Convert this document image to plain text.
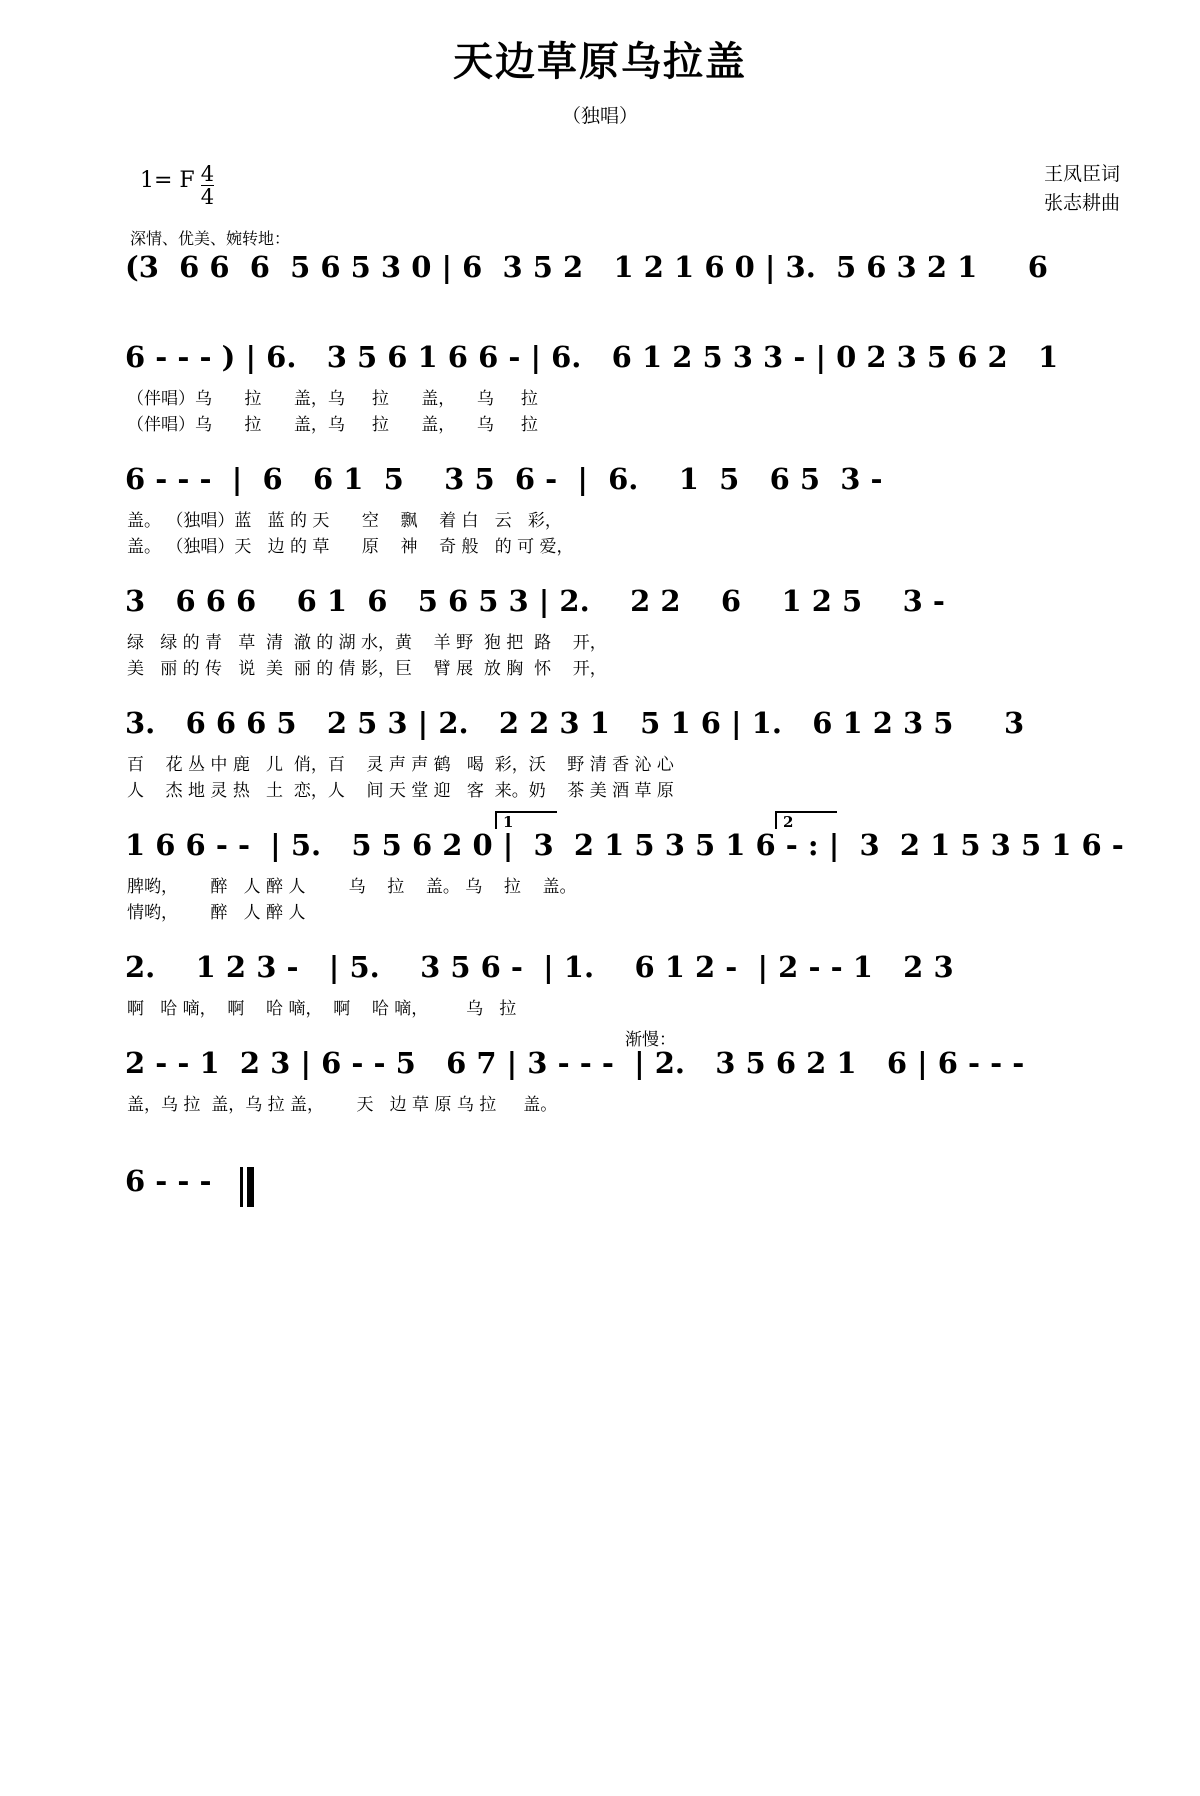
天边草原乌拉盖
（独唱）
1= F $\frac{4}{4}$	王凤臣词
张志耕曲
深情、优美、婉转地：
(3  6 6  6  5 6 5 3 0 | 6  3 5 2   1 2 1 6 0 | 3.  5 6 3 2 1     6
6 - - - ) | 6.   3 5 6 1 6 6 - | 6.   6 1 2 5 3 3 - | 0 2 3 5 6 2   1
（伴唱）乌      拉      盖，乌     拉      盖，    乌     拉
（伴唱）乌      拉      盖，乌     拉      盖，    乌     拉
6 - - -  |  6   6 1  5    3 5  6 -  |  6.    1  5   6 5  3 -
盖。 （独唱）蓝   蓝 的 天      空    飘    着 白   云   彩，
盖。 （独唱）天   边 的 草      原    神    奇 般   的 可 爱，
3   6 6 6    6 1  6   5 6 5 3 | 2.    2 2    6    1 2 5    3 -
绿   绿 的 青   草  清  澈 的 湖 水，黄    羊 野  狍 把  路    开，
美   丽 的 传   说  美  丽 的 倩 影，巨    臂 展  放 胸  怀    开，
3.   6 6 6 5   2 5 3 | 2.   2 2 3 1   5 1 6 | 1.   6 1 2 3 5     3
百    花 丛 中 鹿   儿  俏，百    灵 声 声 鹤   喝  彩，沃    野 清 香 沁 心
人    杰 地 灵 热   土  恋，人    间 天 堂 迎   客  来。奶    茶 美 酒 草 原
1	2
1 6 6 - -  | 5.   5 5 6 2 0 |  3  2 1 5 3 5 1 6 - : |  3  2 1 5 3 5 1 6 -
脾哟，      醉   人 醉 人        乌    拉    盖。 乌    拉    盖。
情哟，      醉   人 醉 人
2.    1 2 3 -   | 5.    3 5 6 -  | 1.    6 1 2 -  | 2 - - 1   2 3
啊   哈 嘀，  啊    哈 嘀，  啊    哈 嘀，       乌   拉
渐慢：
2 - - 1  2 3 | 6 - - 5   6 7 | 3 - - -  | 2.   3 5 6 2 1   6 | 6 - - -
盖，乌 拉  盖，乌 拉 盖，      天   边 草 原 乌 拉     盖。
6 - - -
